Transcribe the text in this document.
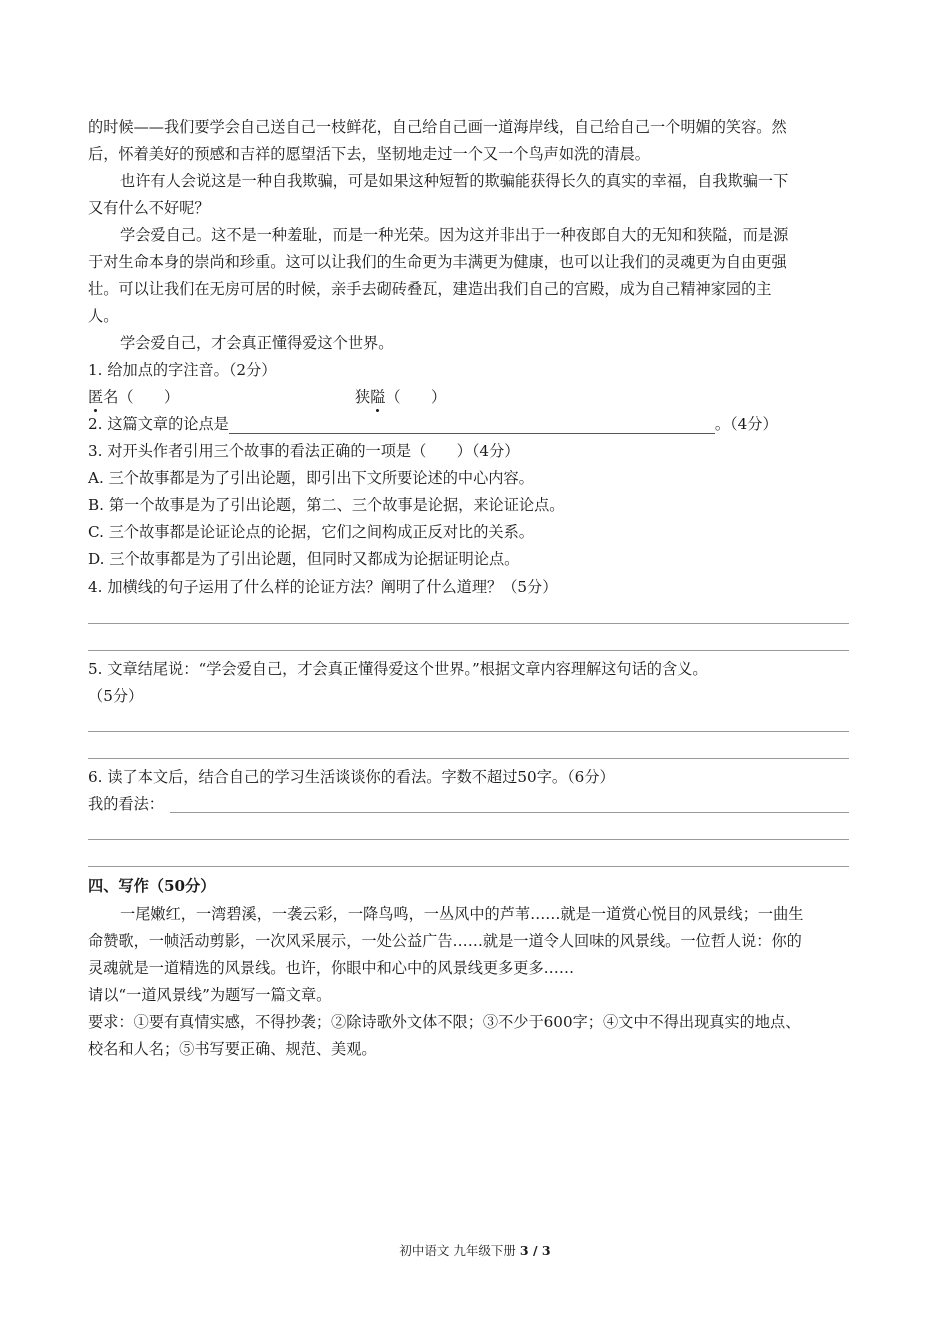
的时候——我们要学会自己送自己一枝鲜花，自己给自己画一道海岸线，自己给自己一个明媚的笑容。然
后，怀着美好的预感和吉祥的愿望活下去，坚韧地走过一个又一个鸟声如洗的清晨。
也许有人会说这是一种自我欺骗，可是如果这种短暂的欺骗能获得长久的真实的幸福，自我欺骗一下
又有什么不好呢？
学会爱自己。这不是一种羞耻，而是一种光荣。因为这并非出于一种夜郎自大的无知和狭隘，而是源
于对生命本身的崇尚和珍重。这可以让我们的生命更为丰满更为健康，也可以让我们的灵魂更为自由更强
壮。可以让我们在无房可居的时候，亲手去砌砖叠瓦，建造出我们自己的宫殿，成为自己精神家园的主
人。
学会爱自己，才会真正懂得爱这个世界。
1. 给加点的字注音。（2分）
匿名（　　）	狭隘（　　）
2. 这篇文章的论点是	。（4分）
3. 对开头作者引用三个故事的看法正确的一项是（　　）（4分）
A. 三个故事都是为了引出论题，即引出下文所要论述的中心内容。
B. 第一个故事是为了引出论题，第二、三个故事是论据，来论证论点。
C. 三个故事都是论证论点的论据，它们之间构成正反对比的关系。
D. 三个故事都是为了引出论题，但同时又都成为论据证明论点。
4. 加横线的句子运用了什么样的论证方法？阐明了什么道理？（5分）
5. 文章结尾说：“学会爱自己，才会真正懂得爱这个世界。”根据文章内容理解这句话的含义。
（5分）
6. 读了本文后，结合自己的学习生活谈谈你的看法。字数不超过50字。（6分）
我的看法：
四、写作（50分）
一尾嫩红，一湾碧溪，一袭云彩，一降鸟鸣，一丛风中的芦苇……就是一道赏心悦目的风景线；一曲生
命赞歌，一帧活动剪影，一次风采展示，一处公益广告……就是一道令人回味的风景线。一位哲人说：你的
灵魂就是一道精选的风景线。也许，你眼中和心中的风景线更多更多……
请以“一道风景线”为题写一篇文章。
要求：①要有真情实感，不得抄袭；②除诗歌外文体不限；③不少于600字；④文中不得出现真实的地点、
校名和人名；⑤书写要正确、规范、美观。
初中语文 九年级下册 3 / 3
